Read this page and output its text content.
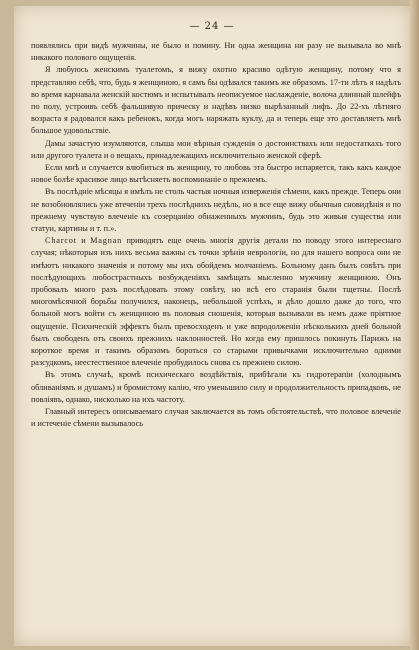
— 24 —

появлялись при видѣ мужчины, не было и помину. Ни одна женщина ни разу не вызывала во мнѣ никакого полового ощущенія.

Я любуюсь женскимъ туалетомъ, я вижу охотно красиво одѣтую женщину, потому что я представляю себѣ, что, будь я женщиною, я самъ бы одѣвался такимъ же образомъ. 17-ти лѣтъ я надѣлъ во время карнавала женскій костюмъ и испытывалъ неописуемое наслажденіе, волоча длинный шлейфъ по полу, устроивъ себѣ фальшивую прическу и надѣвъ низко вырѣзанный лифъ. До 22-хъ лѣтняго возраста я радовался какъ ребенокъ, когда могъ наряжать куклу, да и теперь еще это доставляетъ мнѣ большое удовольствіе.

Дамы зачастую изумляются, слыша мои вѣрныя сужденія о достоинствахъ или недостаткахъ того или другого туалета и о вещахъ, принадлежащихъ исключительно женской сферѣ.

Если мнѣ и случается влюбиться въ женщину, то любовь эта быстро испаряется, такъ какъ каждое новое болѣе красивое лицо вытѣсняетъ воспоминаніе о прежнемъ.

Въ послѣдніе мѣсяцы я имѣлъ не столь частыя ночныя изверженія сѣмени, какъ прежде. Теперь они не возобновлялись уже втеченіи трехъ послѣднихъ недѣль, но я все еще вижу обычныя сновидѣнія и по прежнему чувствую влеченіе къ созерцанію обнаженныхъ мужчинъ, будь это живыя существа или статуи, картины и т. п.».

Charcot и Magnan приводятъ еще очень многія другія детали по поводу этого интереснаго случая; нѣкоторыя изъ нихъ весьма важны съ точки зрѣнія неврологіи, но для нашего вопроса они не имѣютъ никакого значенія и потому мы ихъ обойдемъ молчаніемъ. Больному данъ былъ совѣтъ при послѣдующихъ любострастныхъ возбужденіяхъ замѣщать мысленно мужчину женщиною. Онъ пробовалъ много разъ послѣдовать этому совѣту, но всѣ его старанія были тщетны. Послѣ многомѣсячной борьбы получился, наконецъ, небольшой успѣхъ, и дѣло дошло даже до того, что больной могъ войти съ женщиною въ половыя сношенія, которыя вызывали въ немъ даже пріятное ощущеніе. Психическій эффектъ былъ превосходенъ и уже впродолженіи нѣсколькихъ дней больной былъ свободенъ отъ своихъ прежнихъ наклонностей. Но когда ему пришлось покинуть Парижъ на короткое время и такимъ образомъ бороться со старыми привычками исключительно одними разсудкомъ, неестественное влеченіе пробудилось снова съ прежнею силою.

Въ этомъ случаѣ, кромѣ психическаго воздѣйствія, прибѣгали къ гидротерапіи (холоднымъ обливаніямъ и душамъ) и бромистому калію, что уменьшило силу и продолжительность припадковъ, не повліявъ, однако, нисколько на ихъ частоту.

Главный интересъ описываемаго случая заключается въ томъ обстоятельствѣ, что половое влеченіе и истеченіе сѣмени вызывалось
